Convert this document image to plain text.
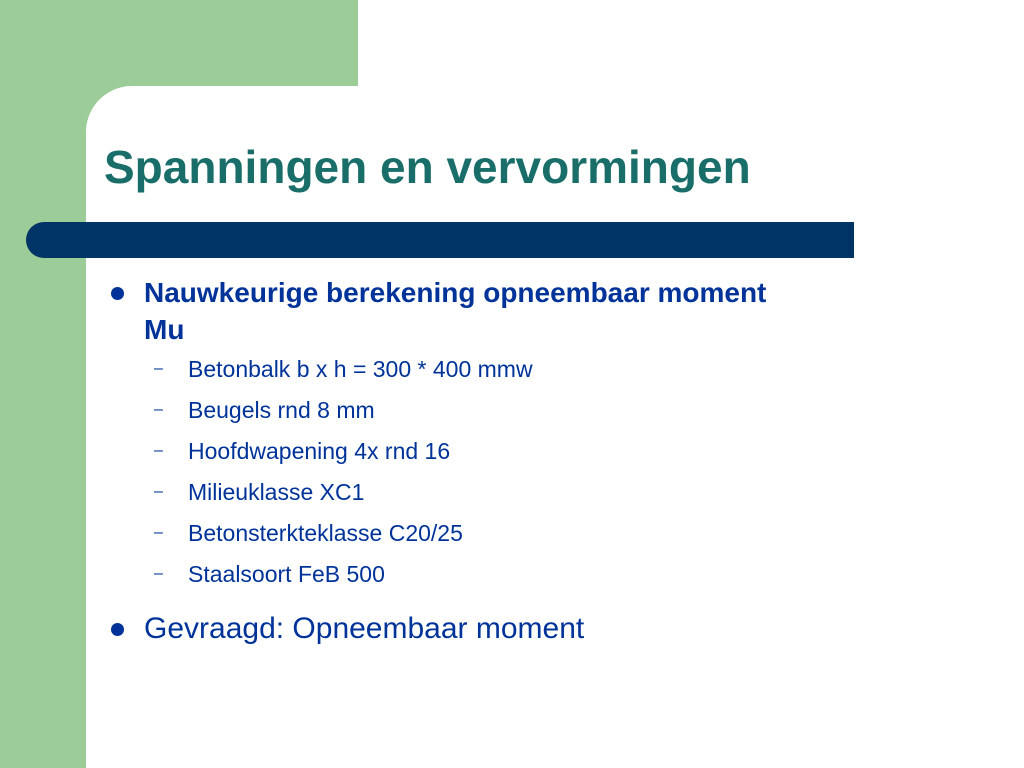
Spanningen en vervormingen
Nauwkeurige berekening opneembaar moment
Mu
– Betonbalk b x h = 300 * 400 mmw
– Beugels rnd 8 mm
– Hoofdwapening 4x rnd 16
– Milieuklasse XC1
– Betonsterkteklasse C20/25
– Staalsoort FeB 500
Gevraagd: Opneembaar moment
